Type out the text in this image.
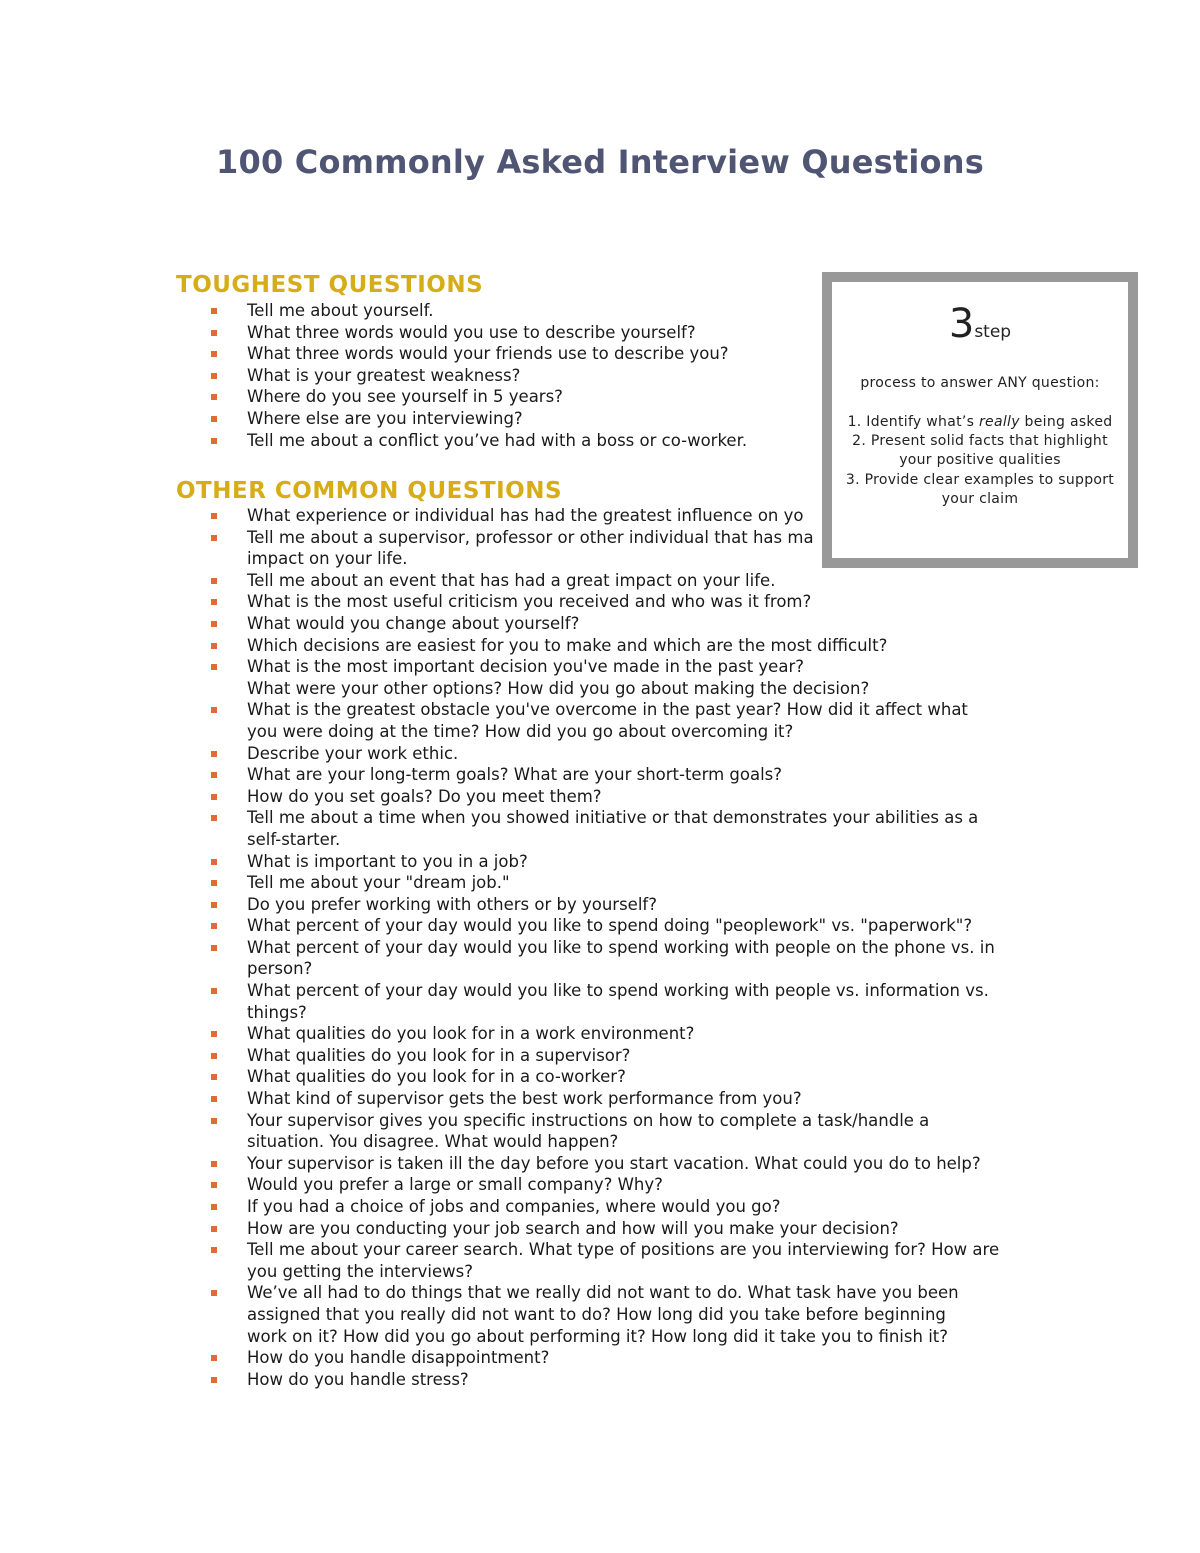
100 Commonly Asked Interview Questions
TOUGHEST QUESTIONS
Tell me about yourself.
What three words would you use to describe yourself?
What three words would your friends use to describe you?
What is your greatest weakness?
Where do you see yourself in 5 years?
Where else are you interviewing?
Tell me about a conflict you’ve had with a boss or co-worker.
OTHER COMMON QUESTIONS
What experience or individual has had the greatest influence on yo
Tell me about a supervisor, professor or other individual that has ma
impact on your life.
Tell me about an event that has had a great impact on your life.
What is the most useful criticism you received and who was it from?
What would you change about yourself?
Which decisions are easiest for you to make and which are the most difficult?
What is the most important decision you've made in the past year?
What were your other options? How did you go about making the decision?
What is the greatest obstacle you've overcome in the past year? How did it affect what
you were doing at the time? How did you go about overcoming it?
Describe your work ethic.
What are your long-term goals? What are your short-term goals?
How do you set goals? Do you meet them?
Tell me about a time when you showed initiative or that demonstrates your abilities as a
self-starter.
What is important to you in a job?
Tell me about your "dream job."
Do you prefer working with others or by yourself?
What percent of your day would you like to spend doing "peoplework" vs. "paperwork"?
What percent of your day would you like to spend working with people on the phone vs. in
person?
What percent of your day would you like to spend working with people vs. information vs.
things?
What qualities do you look for in a work environment?
What qualities do you look for in a supervisor?
What qualities do you look for in a co-worker?
What kind of supervisor gets the best work performance from you?
Your supervisor gives you specific instructions on how to complete a task/handle a
situation. You disagree. What would happen?
Your supervisor is taken ill the day before you start vacation. What could you do to help?
Would you prefer a large or small company? Why?
If you had a choice of jobs and companies, where would you go?
How are you conducting your job search and how will you make your decision?
Tell me about your career search. What type of positions are you interviewing for? How are
you getting the interviews?
We’ve all had to do things that we really did not want to do. What task have you been
assigned that you really did not want to do? How long did you take before beginning
work on it? How did you go about performing it? How long did it take you to finish it?
How do you handle disappointment?
How do you handle stress?
3step
process to answer ANY question:
1. Identify what’s really being asked
2. Present solid facts that highlight your positive qualities
3. Provide clear examples to support your claim
